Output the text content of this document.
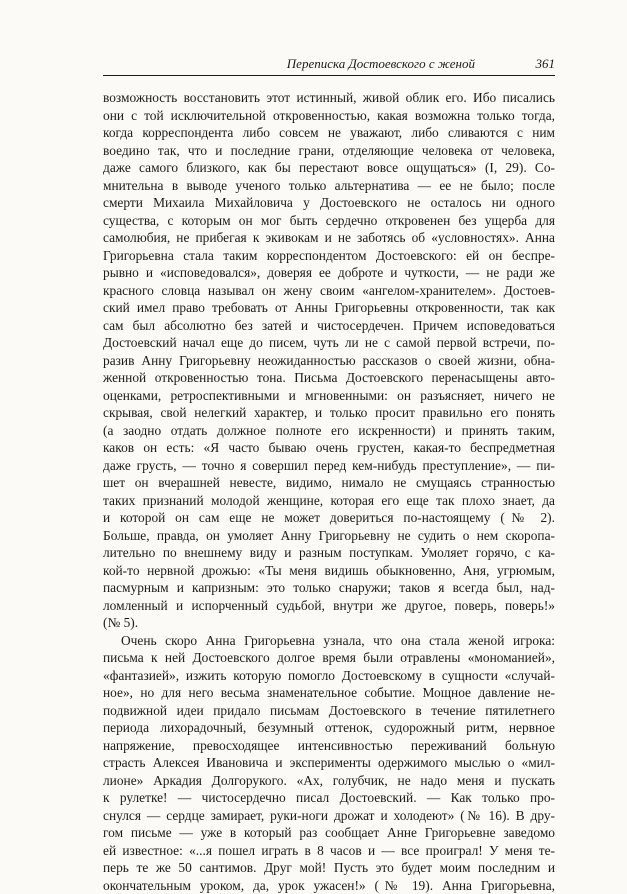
Переписка Достоевского с женой	361
возможность восстановить этот истинный, живой облик его. Ибо писались
они с той исключительной откровенностью, какая возможна только тогда,
когда корреспондента либо совсем не уважают, либо сливаются с ним
воедино так, что и последние грани, отделяющие человека от человека,
даже самого близкого, как бы перестают вовсе ощущаться» (I, 29). Со-
мнительна в выводе ученого только альтернатива — ее не было; после
смерти Михаила Михайловича у Достоевского не осталось ни одного
существа, с которым он мог быть сердечно откровенен без ущерба для
самолюбия, не прибегая к экивокам и не заботясь об «условностях». Анна
Григорьевна стала таким корреспондентом Достоевского: ей он беспре-
рывно и «исповедовался», доверяя ее доброте и чуткости, — не ради же
красного словца называл он жену своим «ангелом-хранителем». Достоев-
ский имел право требовать от Анны Григорьевны откровенности, так как
сам был абсолютно без затей и чистосердечен. Причем исповедоваться
Достоевский начал еще до писем, чуть ли не с самой первой встречи, по-
разив Анну Григорьевну неожиданностью рассказов о своей жизни, обна-
женной откровенностью тона. Письма Достоевского перенасыщены авто-
оценками, ретроспективными и мгновенными: он разъясняет, ничего не
скрывая, свой нелегкий характер, и только просит правильно его понять
(а заодно отдать должное полноте его искренности) и принять таким,
каков он есть: «Я часто бываю очень грустен, какая-то беспредметная
даже грусть, — точно я совершил перед кем-нибудь преступление», — пи-
шет он вчерашней невесте, видимо, нимало не смущаясь странностью
таких признаний молодой женщине, которая его еще так плохо знает, да
и которой он сам еще не может довериться по-настоящему (№ 2).
Больше, правда, он умоляет Анну Григорьевну не судить о нем скоропа-
лительно по внешнему виду и разным поступкам. Умоляет горячо, с ка-
кой-то нервной дрожью: «Ты меня видишь обыкновенно, Аня, угрюмым,
пасмурным и капризным: это только снаружи; таков я всегда был, над-
ломленный и испорченный судьбой, внутри же другое, поверь, поверь!»
(№ 5).
Очень скоро Анна Григорьевна узнала, что она стала женой игрока:
письма к ней Достоевского долгое время были отравлены «мономанией»,
«фантазией», изжить которую помогло Достоевскому в сущности «случай-
ное», но для него весьма знаменательное событие. Мощное давление не-
подвижной идеи придало письмам Достоевского в течение пятилетнего
периода лихорадочный, безумный оттенок, судорожный ритм, нервное
напряжение, превосходящее интенсивностью переживаний больную
страсть Алексея Ивановича и эксперименты одержимого мыслью о «мил-
лионе» Аркадия Долгорукого. «Ах, голубчик, не надо меня и пускать
к рулетке! — чистосердечно писал Достоевский. — Как только про-
снулся — сердце замирает, руки-ноги дрожат и холодеют» (№ 16). В дру-
гом письме — уже в который раз сообщает Анне Григорьевне заведомо
ей известное: «...я пошел играть в 8 часов и — все проиграл! У меня те-
перь те же 50 сантимов. Друг мой! Пусть это будет моим последним и
окончательным уроком, да, урок ужасен!» (№ 19). Анна Григорьевна,
